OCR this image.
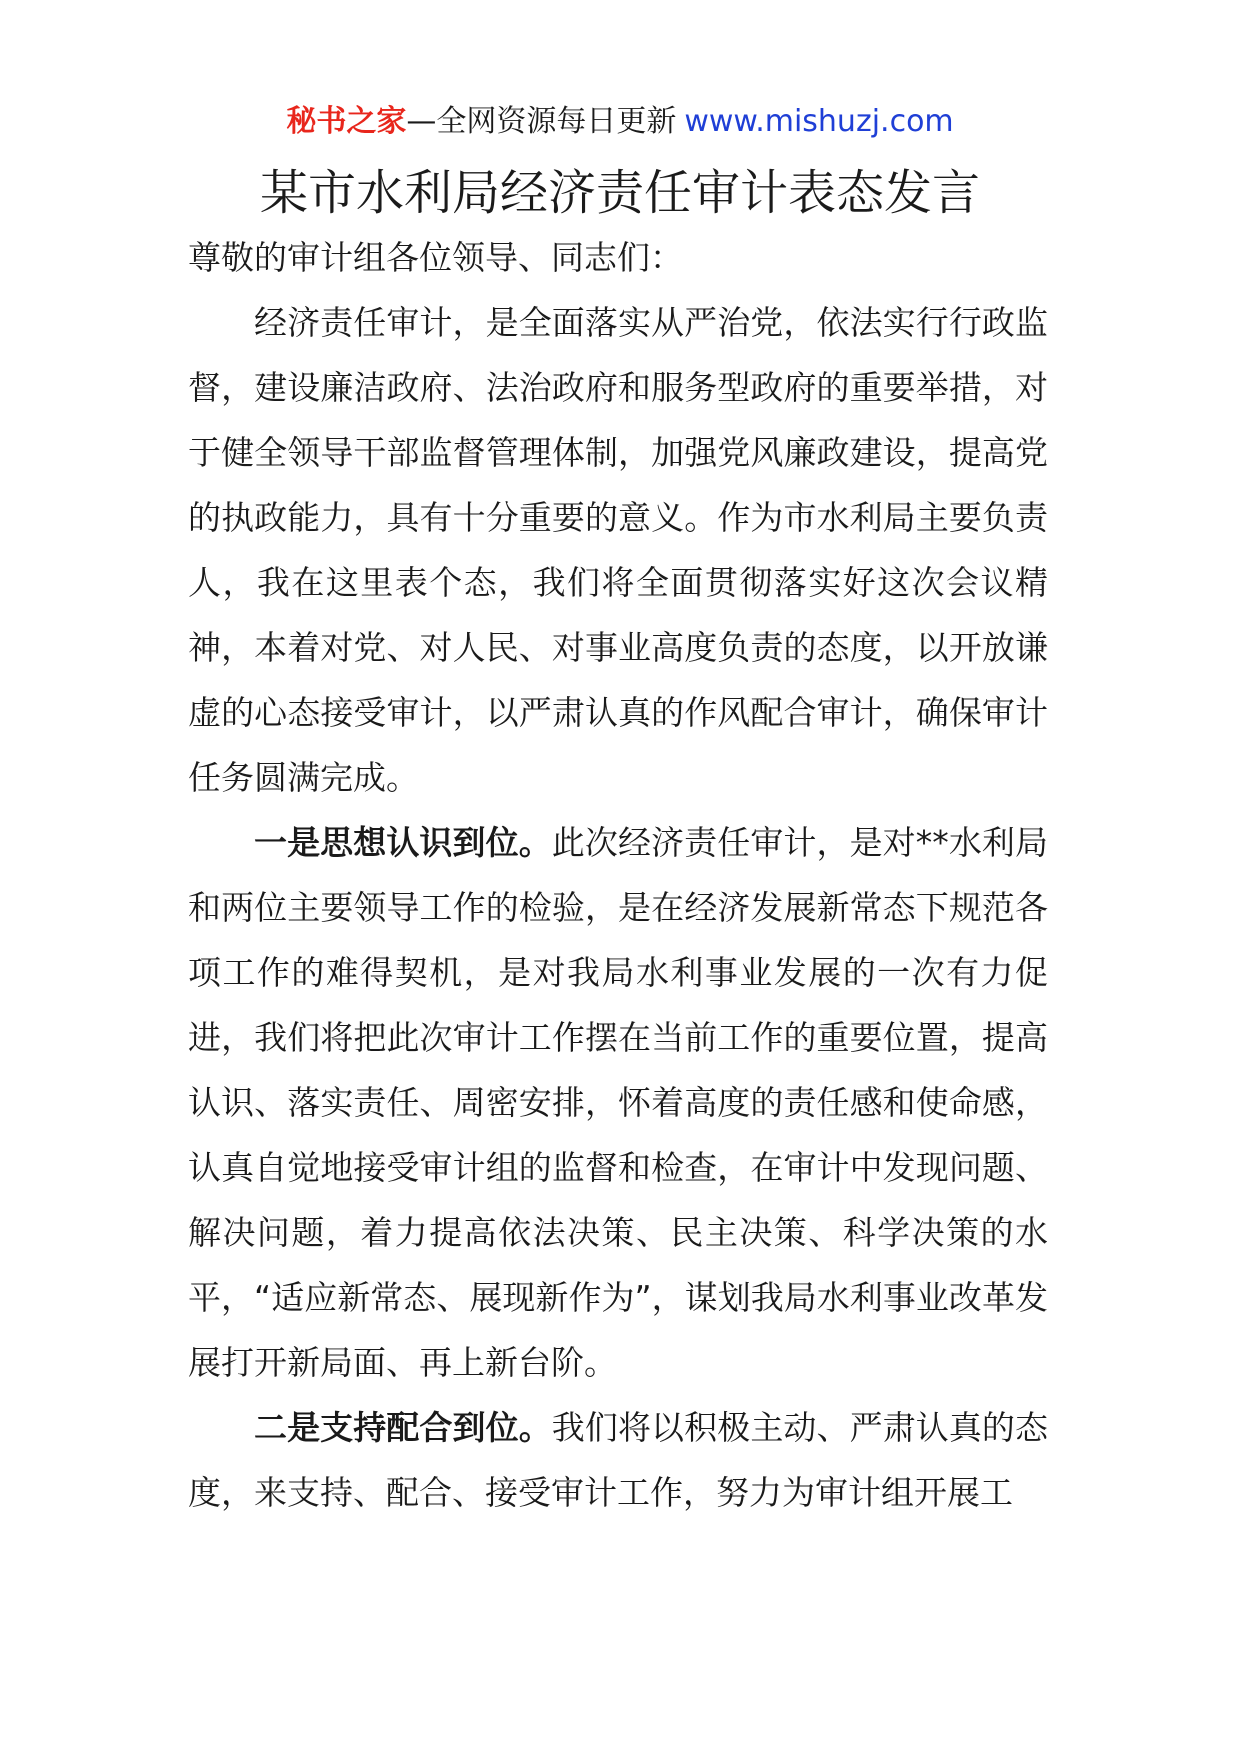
秘书之家—全网资源每日更新 www.mishuzj.com
某市水利局经济责任审计表态发言

尊敬的审计组各位领导、同志们：

经济责任审计，是全面落实从严治党，依法实行行政监督，建设廉洁政府、法治政府和服务型政府的重要举措，对于健全领导干部监督管理体制，加强党风廉政建设，提高党的执政能力，具有十分重要的意义。作为市水利局主要负责人，我在这里表个态，我们将全面贯彻落实好这次会议精神，本着对党、对人民、对事业高度负责的态度，以开放谦虚的心态接受审计，以严肃认真的作风配合审计，确保审计任务圆满完成。

一是思想认识到位。此次经济责任审计，是对**水利局和两位主要领导工作的检验，是在经济发展新常态下规范各项工作的难得契机，是对我局水利事业发展的一次有力促进，我们将把此次审计工作摆在当前工作的重要位置，提高认识、落实责任、周密安排，怀着高度的责任感和使命感，认真自觉地接受审计组的监督和检查，在审计中发现问题、解决问题，着力提高依法决策、民主决策、科学决策的水平，“适应新常态、展现新作为”，谋划我局水利事业改革发展打开新局面、再上新台阶。

二是支持配合到位。我们将以积极主动、严肃认真的态度，来支持、配合、接受审计工作，努力为审计组开展工
